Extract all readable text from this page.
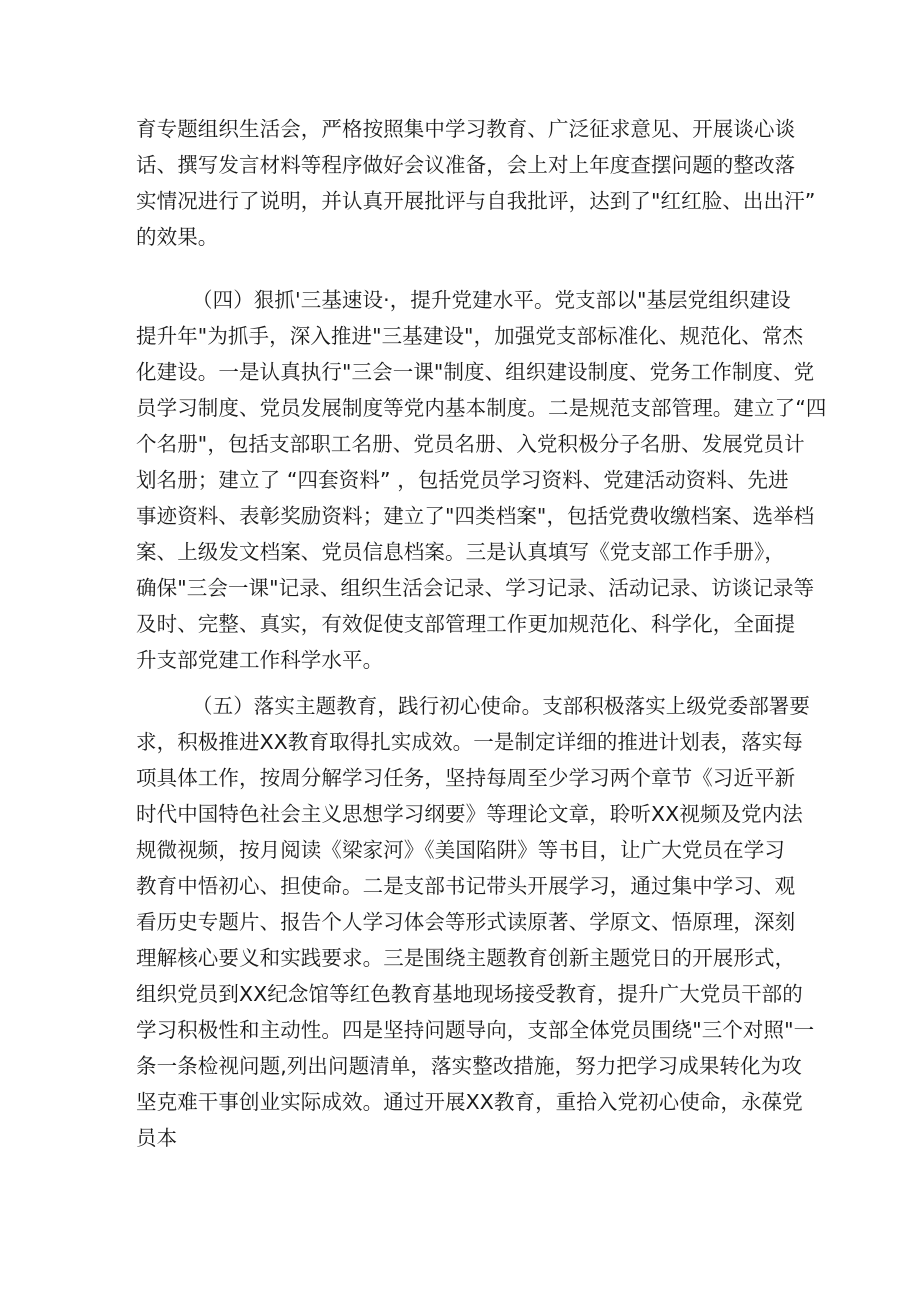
育专题组织生活会，严格按照集中学习教育、广泛征求意见、开展谈心谈
话、撰写发言材料等程序做好会议准备，会上对上年度查摆问题的整改落
实情况进行了说明，并认真开展批评与自我批评，达到了"红红脸、出出汗”
的效果。
（四）狠抓'三基速设·，提升党建水平。党支部以"基层党组织建设
提升年"为抓手，深入推进"三基建设"，加强党支部标准化、规范化、常杰
化建设。一是认真执行"三会一课"制度、组织建设制度、党务工作制度、党
员学习制度、党员发展制度等党内基本制度。二是规范支部管理。建立了“四
个名册"，包括支部职工名册、党员名册、入党积极分子名册、发展党员计
划名册；建立了 “四套资料” ，包括党员学习资料、党建活动资料、先进
事迹资料、表彰奖励资料；建立了"四类档案"，包括党费收缴档案、选举档
案、上级发文档案、党员信息档案。三是认真填写《党支部工作手册》，
确保"三会一课"记录、组织生活会记录、学习记录、活动记录、访谈记录等
及时、完整、真实，有效促使支部管理工作更加规范化、科学化，全面提
升支部党建工作科学水平。
（五）落实主题教育，践行初心使命。支部积极落实上级党委部署要
求，积极推进XX教育取得扎实成效。一是制定详细的推进计划表，落实每
项具体工作，按周分解学习任务，坚持每周至少学习两个章节《习近平新
时代中国特色社会主义思想学习纲要》等理论文章，聆听XX视频及党内法
规微视频，按月阅读《梁家河》《美国陷阱》等书目，让广大党员在学习
教育中悟初心、担使命。二是支部书记带头开展学习，通过集中学习、观
看历史专题片、报告个人学习体会等形式读原著、学原文、悟原理，深刻
理解核心要义和实践要求。三是围绕主题教育创新主题党日的开展形式，
组织党员到XX纪念馆等红色教育基地现场接受教育，提升广大党员干部的
学习积极性和主动性。四是坚持问题导向，支部全体党员围绕"三个对照"一
条一条检视问题,列出问题清单，落实整改措施，努力把学习成果转化为攻
坚克难干事创业实际成效。通过开展XX教育，重拾入党初心使命，永葆党
员本
